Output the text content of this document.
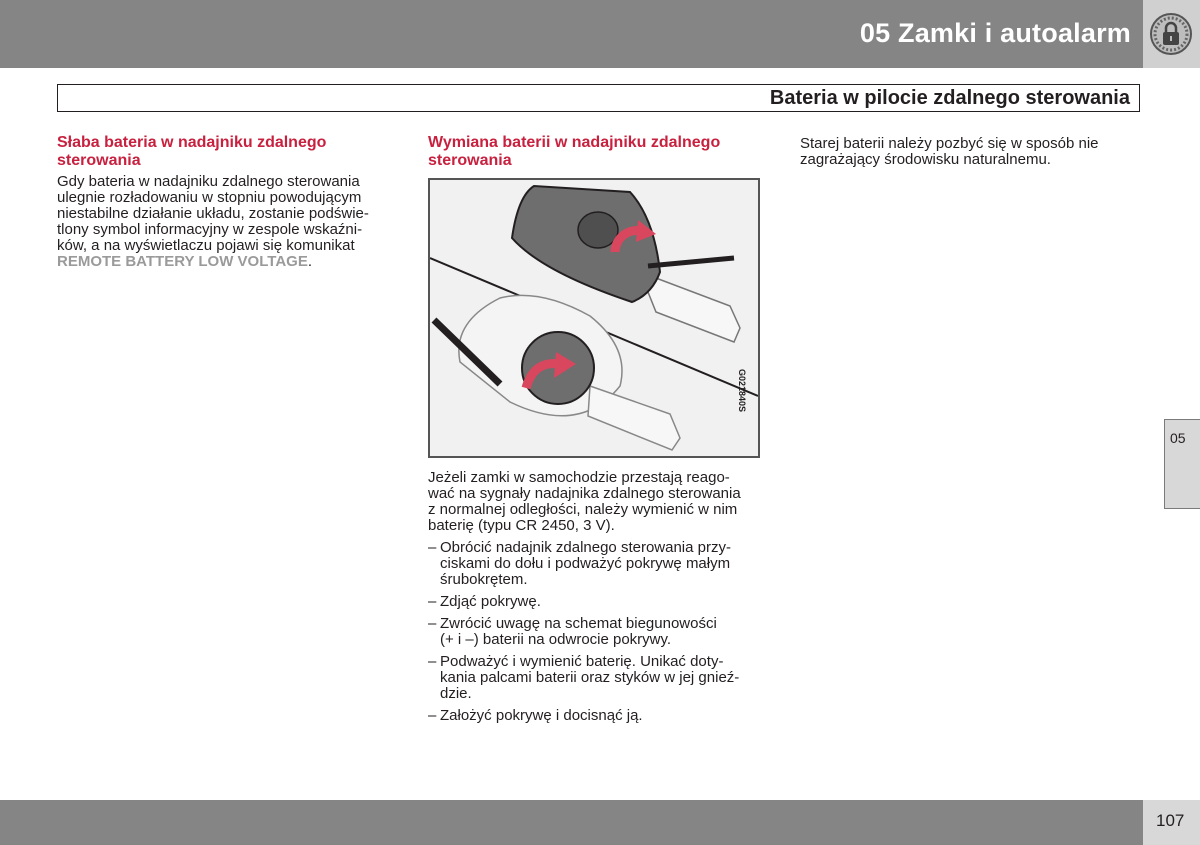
05 Zamki i autoalarm
Bateria w pilocie zdalnego sterowania

Słaba bateria w nadajniku zdalnego
sterowania

Gdy bateria w nadajniku zdalnego sterowania
ulegnie rozładowaniu w stopniu powodującym
niestabilne działanie układu, zostanie podświe-
tlony symbol informacyjny w zespole wskaźni-
ków, a na wyświetlaczu pojawi się komunikat
REMOTE BATTERY LOW VOLTAGE.

Wymiana baterii w nadajniku zdalnego
sterowania

G021840S

Jeżeli zamki w samochodzie przestają reago-
wać na sygnały nadajnika zdalnego sterowania
z normalnej odległości, należy wymienić w nim
baterię (typu CR 2450, 3 V).

– Obrócić nadajnik zdalnego sterowania przy-
ciskami do dołu i podważyć pokrywę małym
śrubokrętem.
– Zdjąć pokrywę.
– Zwrócić uwagę na schemat biegunowości
(+ i –) baterii na odwrocie pokrywy.
– Podważyć i wymienić baterię. Unikać doty-
kania palcami baterii oraz styków w jej gnieź-
dzie.
– Założyć pokrywę i docisnąć ją.

Starej baterii należy pozbyć się w sposób nie
zagrażający środowisku naturalnemu.

05
107
